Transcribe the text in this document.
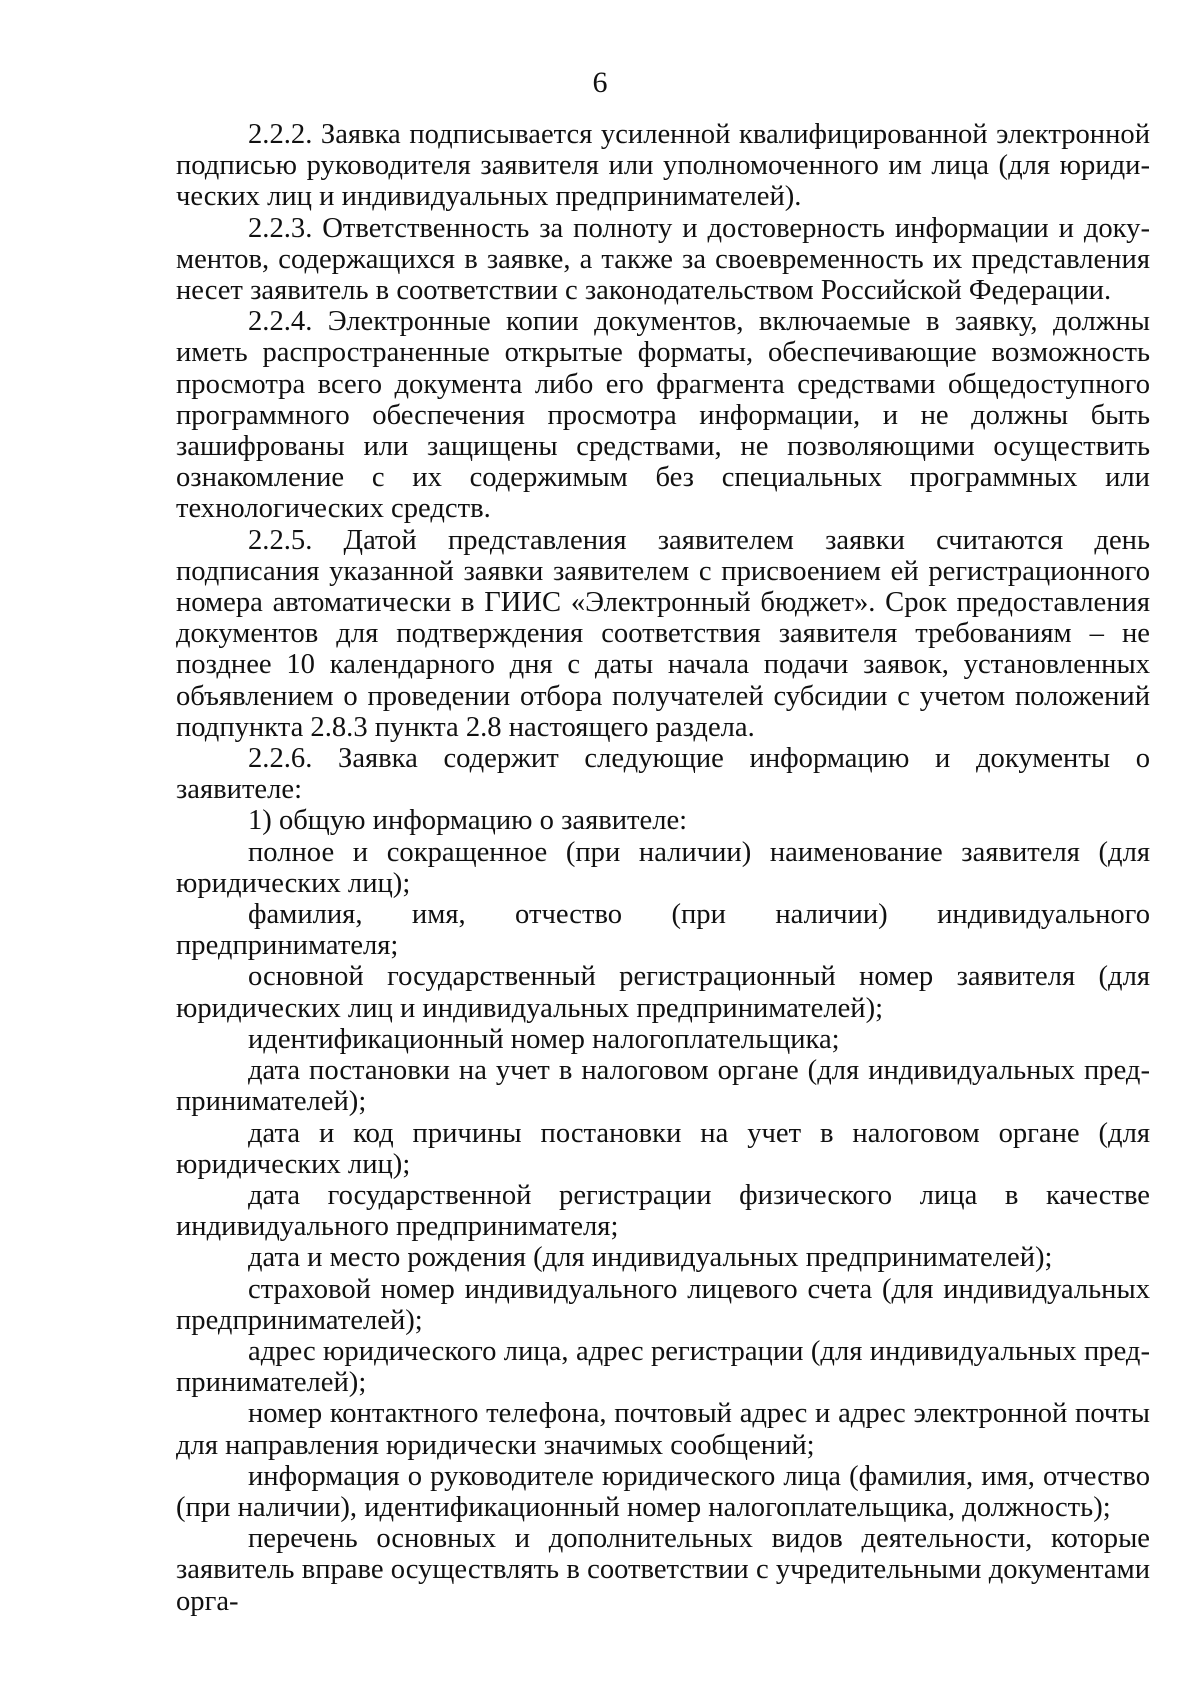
6

2.2.2. Заявка подписывается усиленной квалифицированной электронной подписью руководителя заявителя или уполномоченного им лица (для юридических лиц и индивидуальных предпринимателей).

2.2.3. Ответственность за полноту и достоверность информации и документов, содержащихся в заявке, а также за своевременность их представления несет заявитель в соответствии с законодательством Российской Федерации.

2.2.4. Электронные копии документов, включаемые в заявку, должны иметь распространенные открытые форматы, обеспечивающие возможность просмотра всего документа либо его фрагмента средствами общедоступного программного обеспечения просмотра информации, и не должны быть зашифрованы или защищены средствами, не позволяющими осуществить ознакомление с их содержимым без специальных программных или технологических средств.

2.2.5. Датой представления заявителем заявки считаются день подписания указанной заявки заявителем с присвоением ей регистрационного номера автоматически в ГИИС «Электронный бюджет». Срок предоставления документов для подтверждения соответствия заявителя требованиям – не позднее 10 календарного дня с даты начала подачи заявок, установленных объявлением о проведении отбора получателей субсидии с учетом положений подпункта 2.8.3 пункта 2.8 настоящего раздела.

2.2.6. Заявка содержит следующие информацию и документы о заявителе:

1) общую информацию о заявителе:

полное и сокращенное (при наличии) наименование заявителя (для юридических лиц);

фамилия, имя, отчество (при наличии) индивидуального предпринимателя;

основной государственный регистрационный номер заявителя (для юридических лиц и индивидуальных предпринимателей);

идентификационный номер налогоплательщика;

дата постановки на учет в налоговом органе (для индивидуальных предпринимателей);

дата и код причины постановки на учет в налоговом органе (для юридических лиц);

дата государственной регистрации физического лица в качестве индивидуального предпринимателя;

дата и место рождения (для индивидуальных предпринимателей);

страховой номер индивидуального лицевого счета (для индивидуальных предпринимателей);

адрес юридического лица, адрес регистрации (для индивидуальных предпринимателей);

номер контактного телефона, почтовый адрес и адрес электронной почты для направления юридически значимых сообщений;

информация о руководителе юридического лица (фамилия, имя, отчество (при наличии), идентификационный номер налогоплательщика, должность);

перечень основных и дополнительных видов деятельности, которые заявитель вправе осуществлять в соответствии с учредительными документами орга-
